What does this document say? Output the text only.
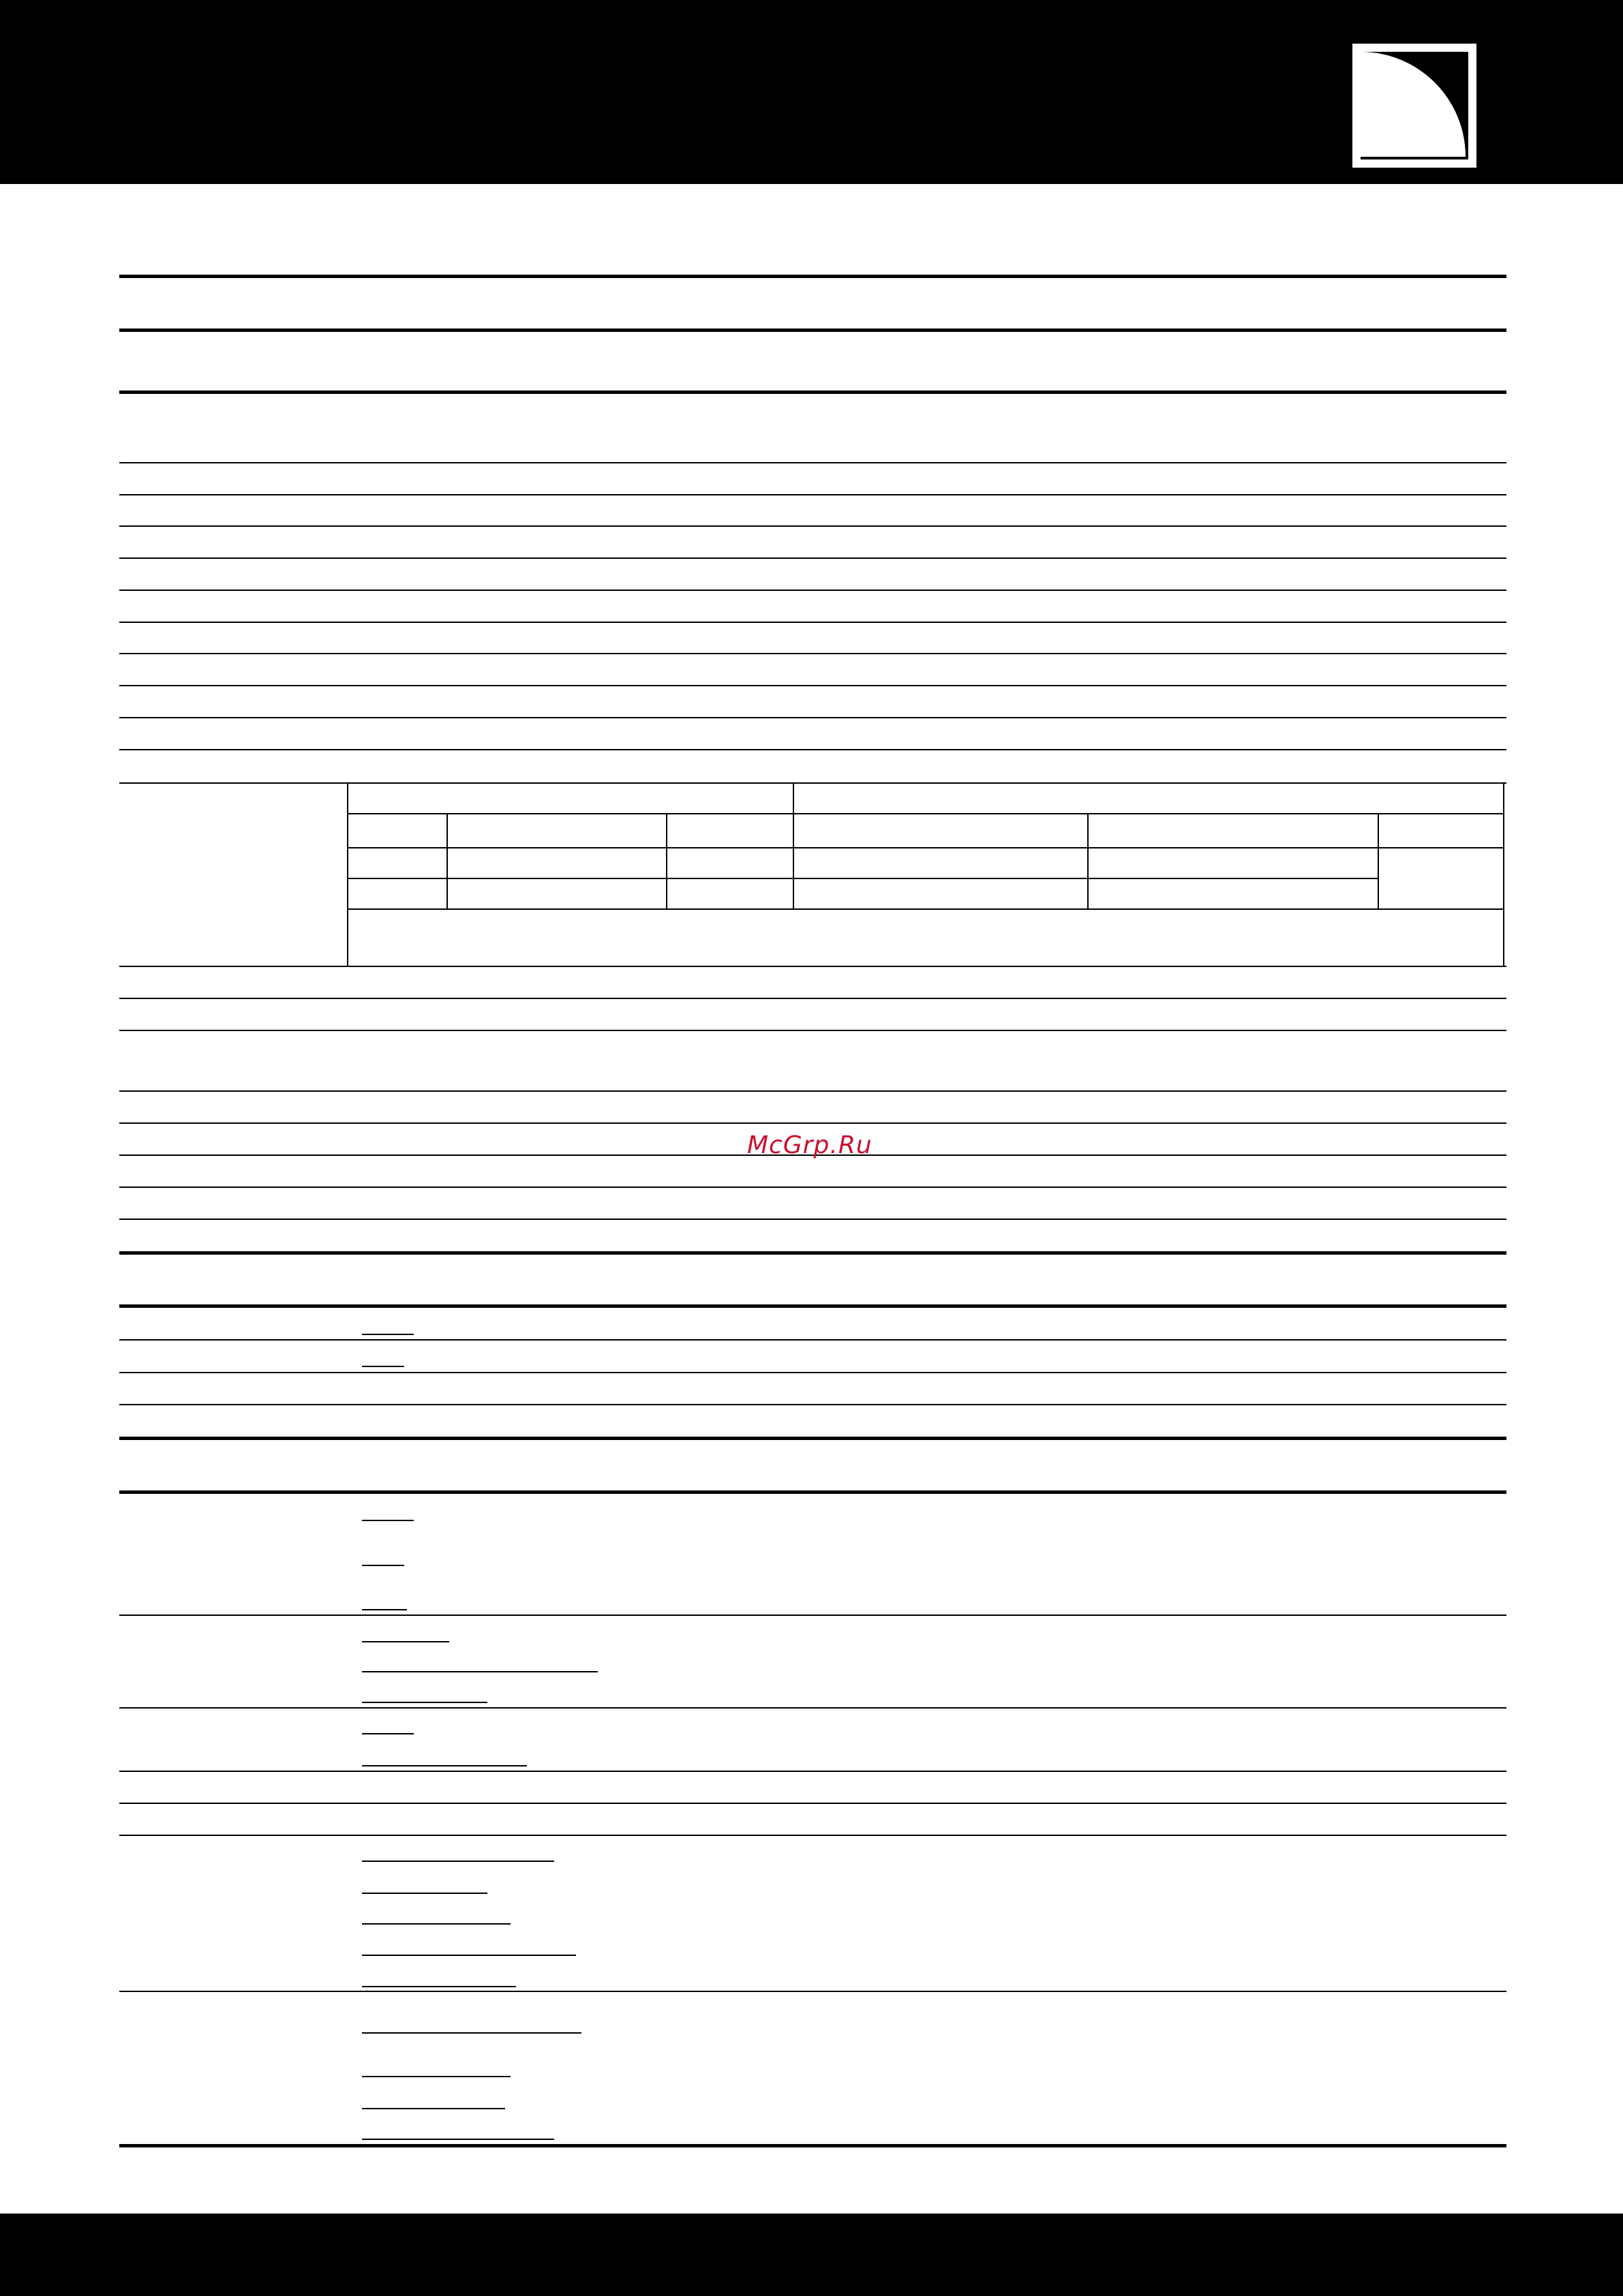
L·ACOUSTICS
McGrp.Ru
